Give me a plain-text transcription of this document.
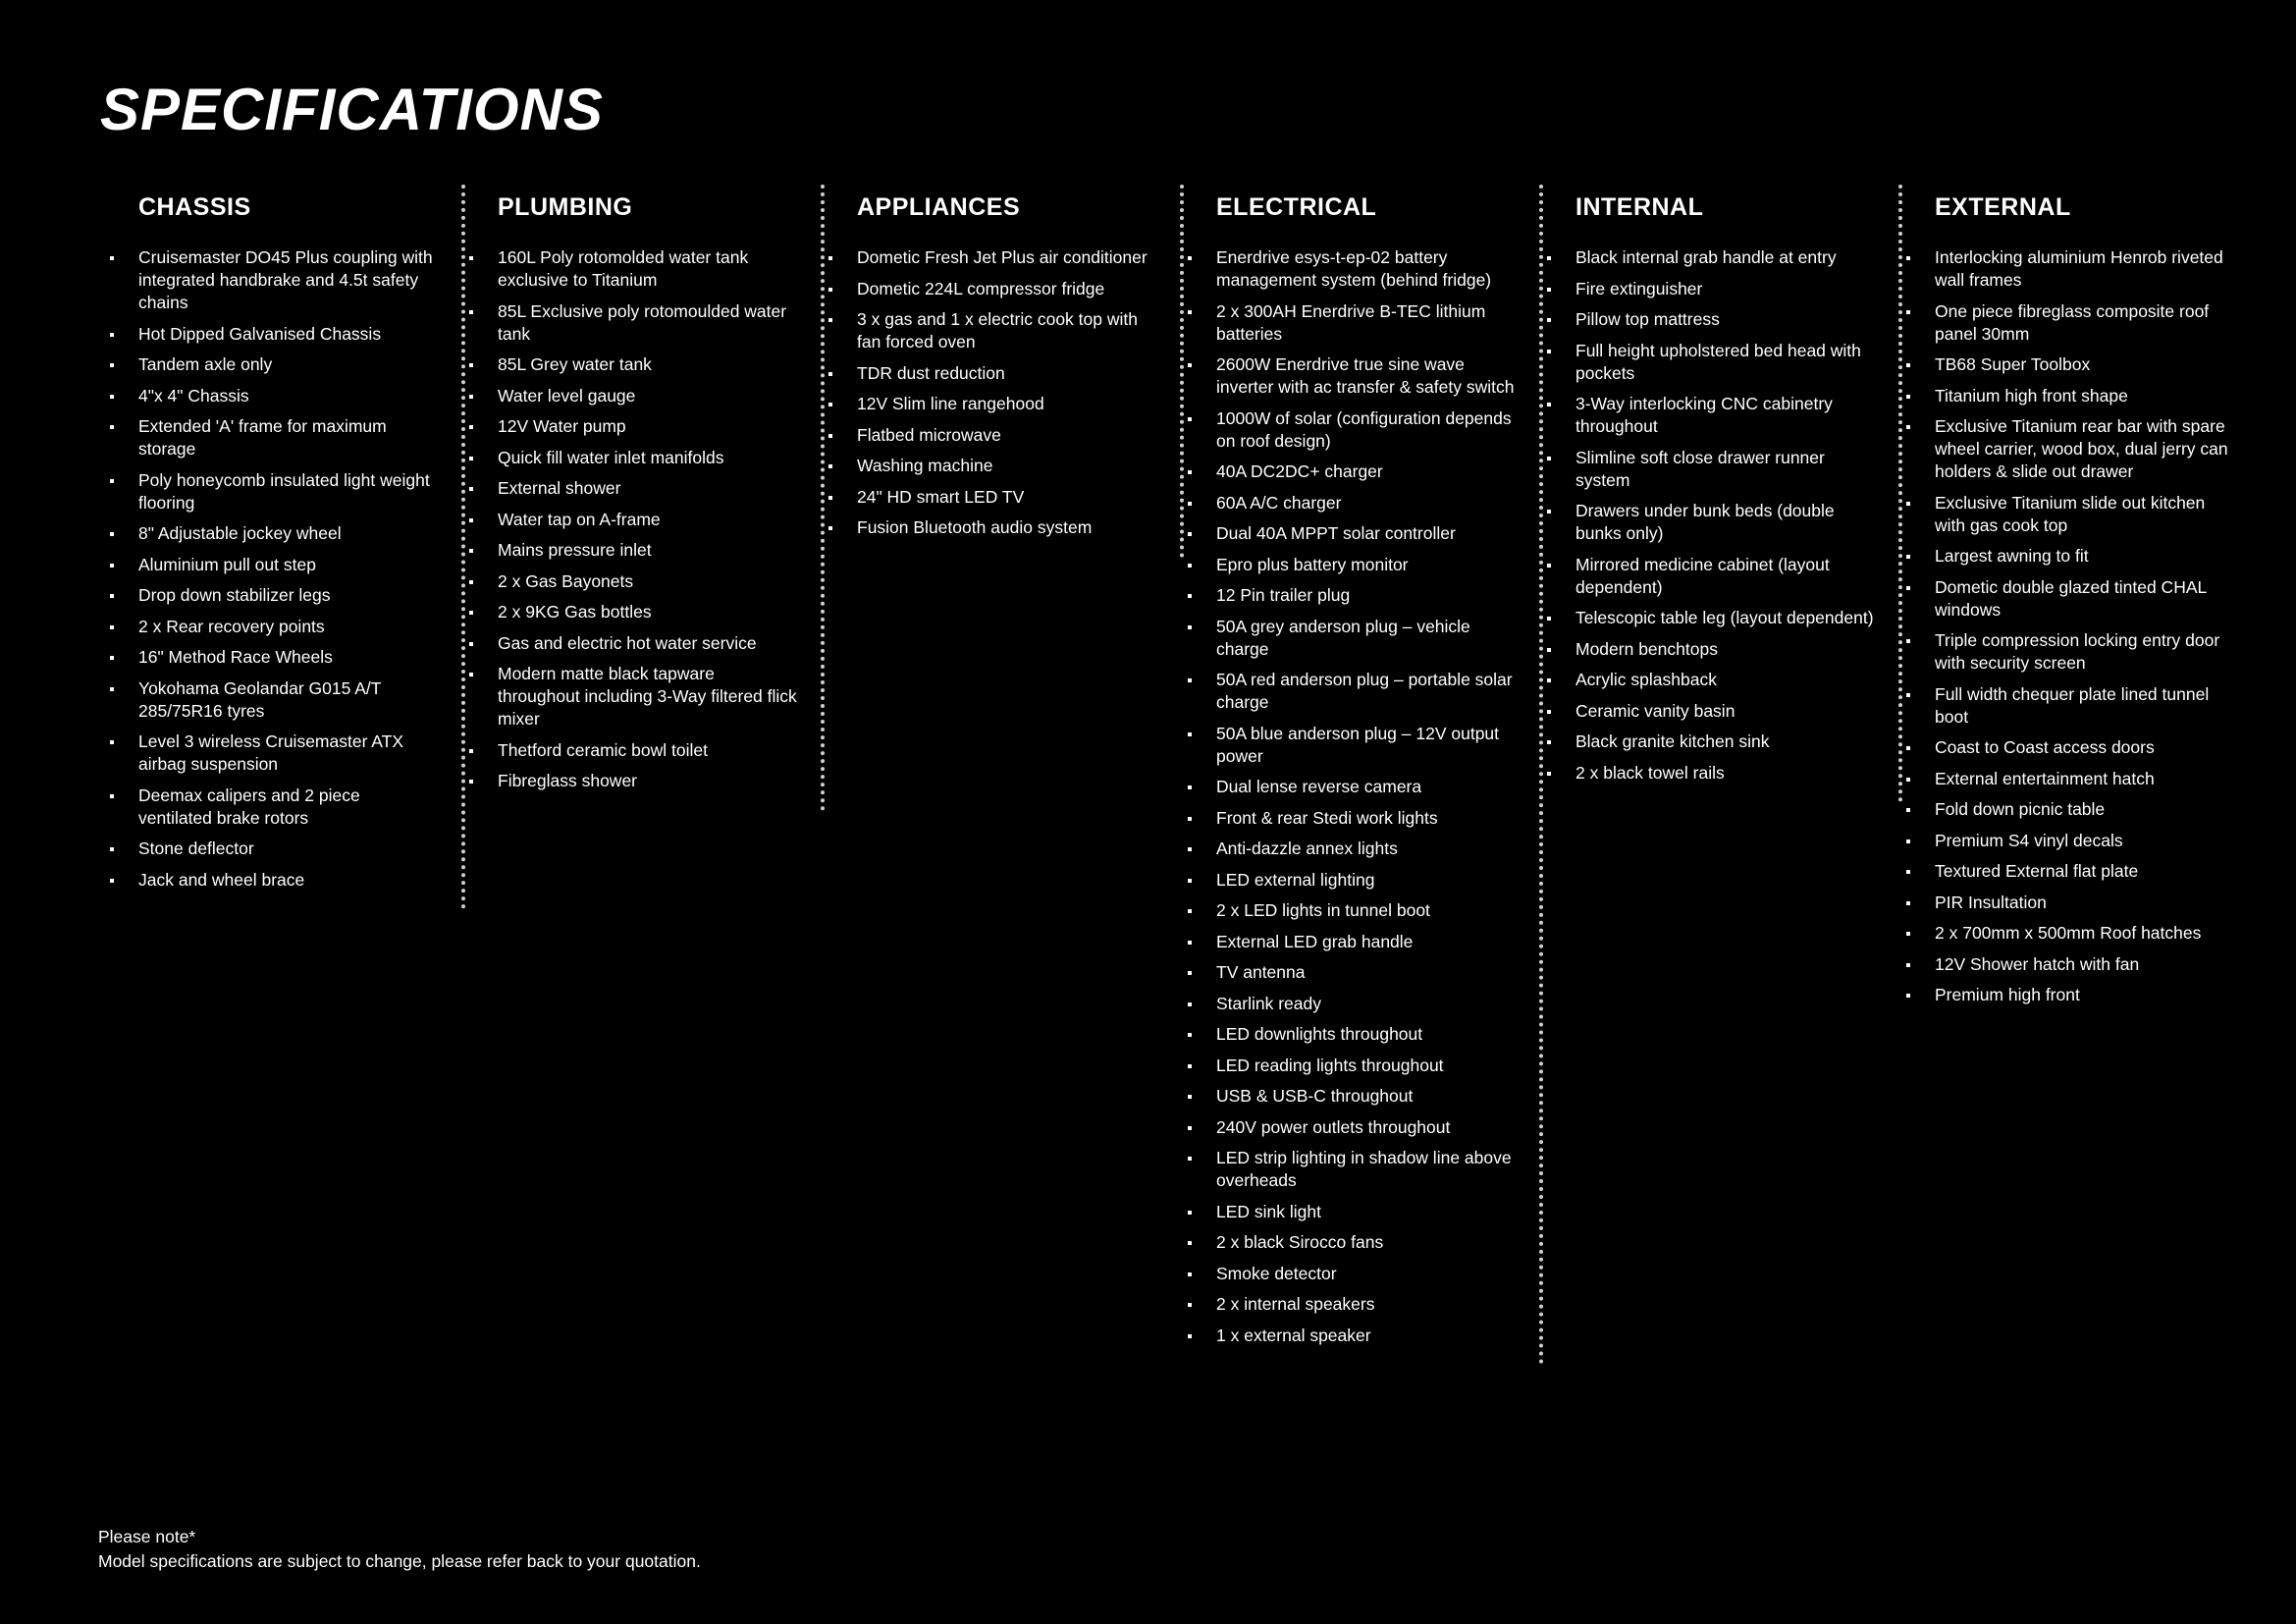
SPECIFICATIONS
CHASSIS
Cruisemaster DO45 Plus coupling with integrated handbrake and 4.5t safety chains
Hot Dipped Galvanised Chassis
Tandem axle only
4"x 4" Chassis
Extended 'A' frame for maximum storage
Poly honeycomb insulated light weight flooring
8" Adjustable jockey wheel
Aluminium pull out step
Drop down stabilizer legs
2 x Rear recovery points
16" Method Race Wheels
Yokohama Geolandar G015 A/T 285/75R16 tyres
Level 3 wireless Cruisemaster ATX airbag suspension
Deemax calipers and 2 piece ventilated brake rotors
Stone deflector
Jack and wheel brace
PLUMBING
160L Poly rotomolded water tank exclusive to Titanium
85L Exclusive poly rotomoulded water tank
85L Grey water tank
Water level gauge
12V Water pump
Quick fill water inlet manifolds
External shower
Water tap on A-frame
Mains pressure inlet
2 x Gas Bayonets
2 x 9KG Gas bottles
Gas and electric hot water service
Modern matte black tapware throughout including 3-Way filtered flick mixer
Thetford ceramic bowl toilet
Fibreglass shower
APPLIANCES
Dometic Fresh Jet Plus air conditioner
Dometic 224L compressor fridge
3 x gas and 1 x electric cook top with fan forced oven
TDR dust reduction
12V Slim line rangehood
Flatbed microwave
Washing machine
24" HD smart LED TV
Fusion Bluetooth audio system
ELECTRICAL
Enerdrive esys-t-ep-02 battery management system (behind fridge)
2 x 300AH Enerdrive B-TEC lithium batteries
2600W Enerdrive true sine wave inverter with ac transfer & safety switch
1000W of solar (configuration depends on roof design)
40A DC2DC+ charger
60A A/C charger
Dual 40A MPPT solar controller
Epro plus battery monitor
12 Pin trailer plug
50A grey anderson plug – vehicle charge
50A red anderson plug – portable solar charge
50A blue anderson plug – 12V output power
Dual lense reverse camera
Front & rear Stedi work lights
Anti-dazzle annex lights
LED external lighting
2 x LED lights in tunnel boot
External LED grab handle
TV antenna
Starlink ready
LED downlights throughout
LED reading lights throughout
USB & USB-C throughout
240V power outlets throughout
LED strip lighting in shadow line above overheads
LED sink light
2 x black Sirocco fans
Smoke detector
2 x internal speakers
1 x external speaker
INTERNAL
Black internal grab handle at entry
Fire extinguisher
Pillow top mattress
Full height upholstered bed head with pockets
3-Way interlocking CNC cabinetry throughout
Slimline soft close drawer runner system
Drawers under bunk beds (double bunks only)
Mirrored medicine cabinet (layout dependent)
Telescopic table leg (layout dependent)
Modern benchtops
Acrylic splashback
Ceramic vanity basin
Black granite kitchen sink
2 x black towel rails
EXTERNAL
Interlocking aluminium Henrob riveted wall frames
One piece fibreglass composite roof panel 30mm
TB68 Super Toolbox
Titanium high front shape
Exclusive Titanium rear bar with spare wheel carrier, wood box, dual jerry can holders & slide out drawer
Exclusive Titanium slide out kitchen with gas cook top
Largest awning to fit
Dometic double glazed tinted CHAL windows
Triple compression locking entry door with security screen
Full width chequer plate lined tunnel boot
Coast to Coast access doors
External entertainment hatch
Fold down picnic table
Premium S4 vinyl decals
Textured External flat plate
PIR Insultation
2 x 700mm x 500mm Roof hatches
12V Shower hatch with fan
Premium high front
Please note*
Model specifications are subject to change, please refer back to your quotation.
